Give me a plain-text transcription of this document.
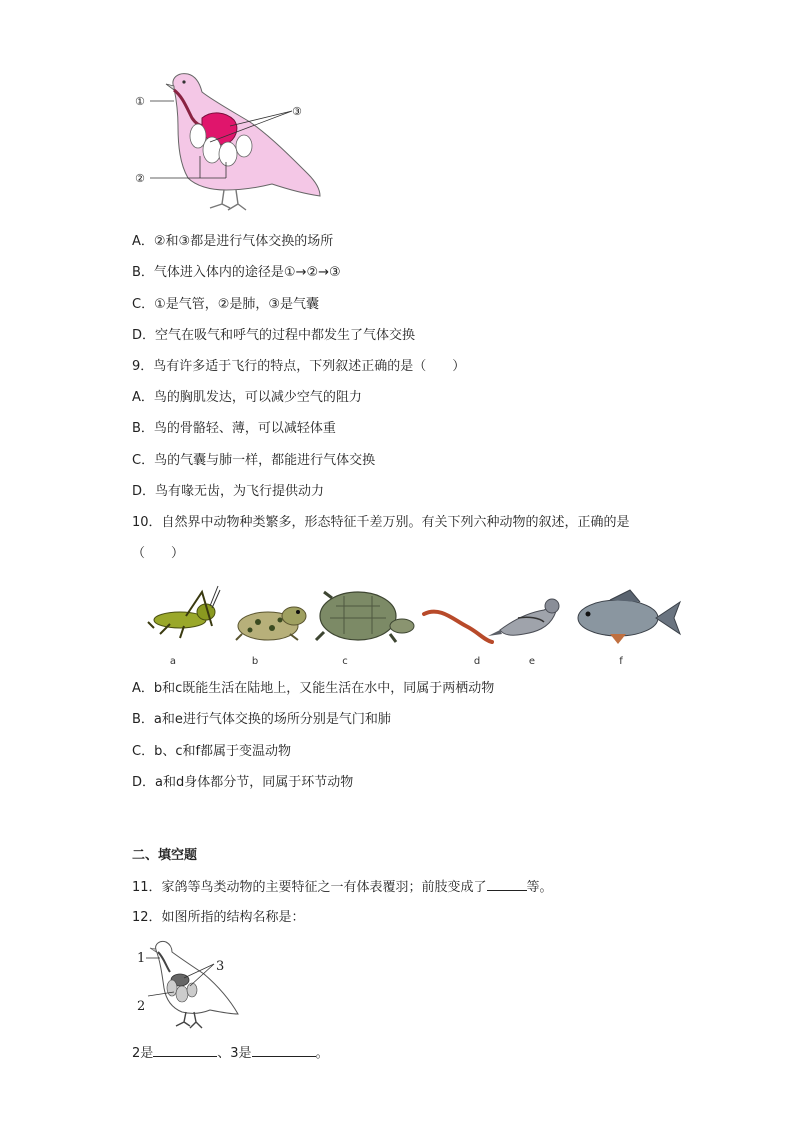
①
②
③
A．②和③都是进行气体交换的场所
B．气体进入体内的途径是①→②→③
C．①是气管，②是肺，③是气囊
D．空气在吸气和呼气的过程中都发生了气体交换
9．鸟有许多适于飞行的特点，下列叙述正确的是（　　）
A．鸟的胸肌发达，可以减少空气的阻力
B．鸟的骨骼轻、薄，可以减轻体重
C．鸟的气囊与肺一样，都能进行气体交换
D．鸟有喙无齿，为飞行提供动力
10．自然界中动物种类繁多，形态特征千差万别。有关下列六种动物的叙述，正确的是
（　　）
a	b	c	d	e	f
A．b和c既能生活在陆地上，又能生活在水中，同属于两栖动物
B．a和e进行气体交换的场所分别是气门和肺
C．b、c和f都属于变温动物
D．a和d身体都分节，同属于环节动物
二、填空题
11．家鸽等鸟类动物的主要特征之一有体表覆羽；前肢变成了	等。
12．如图所指的结构名称是：
1
2
3
2是	、3是	。
